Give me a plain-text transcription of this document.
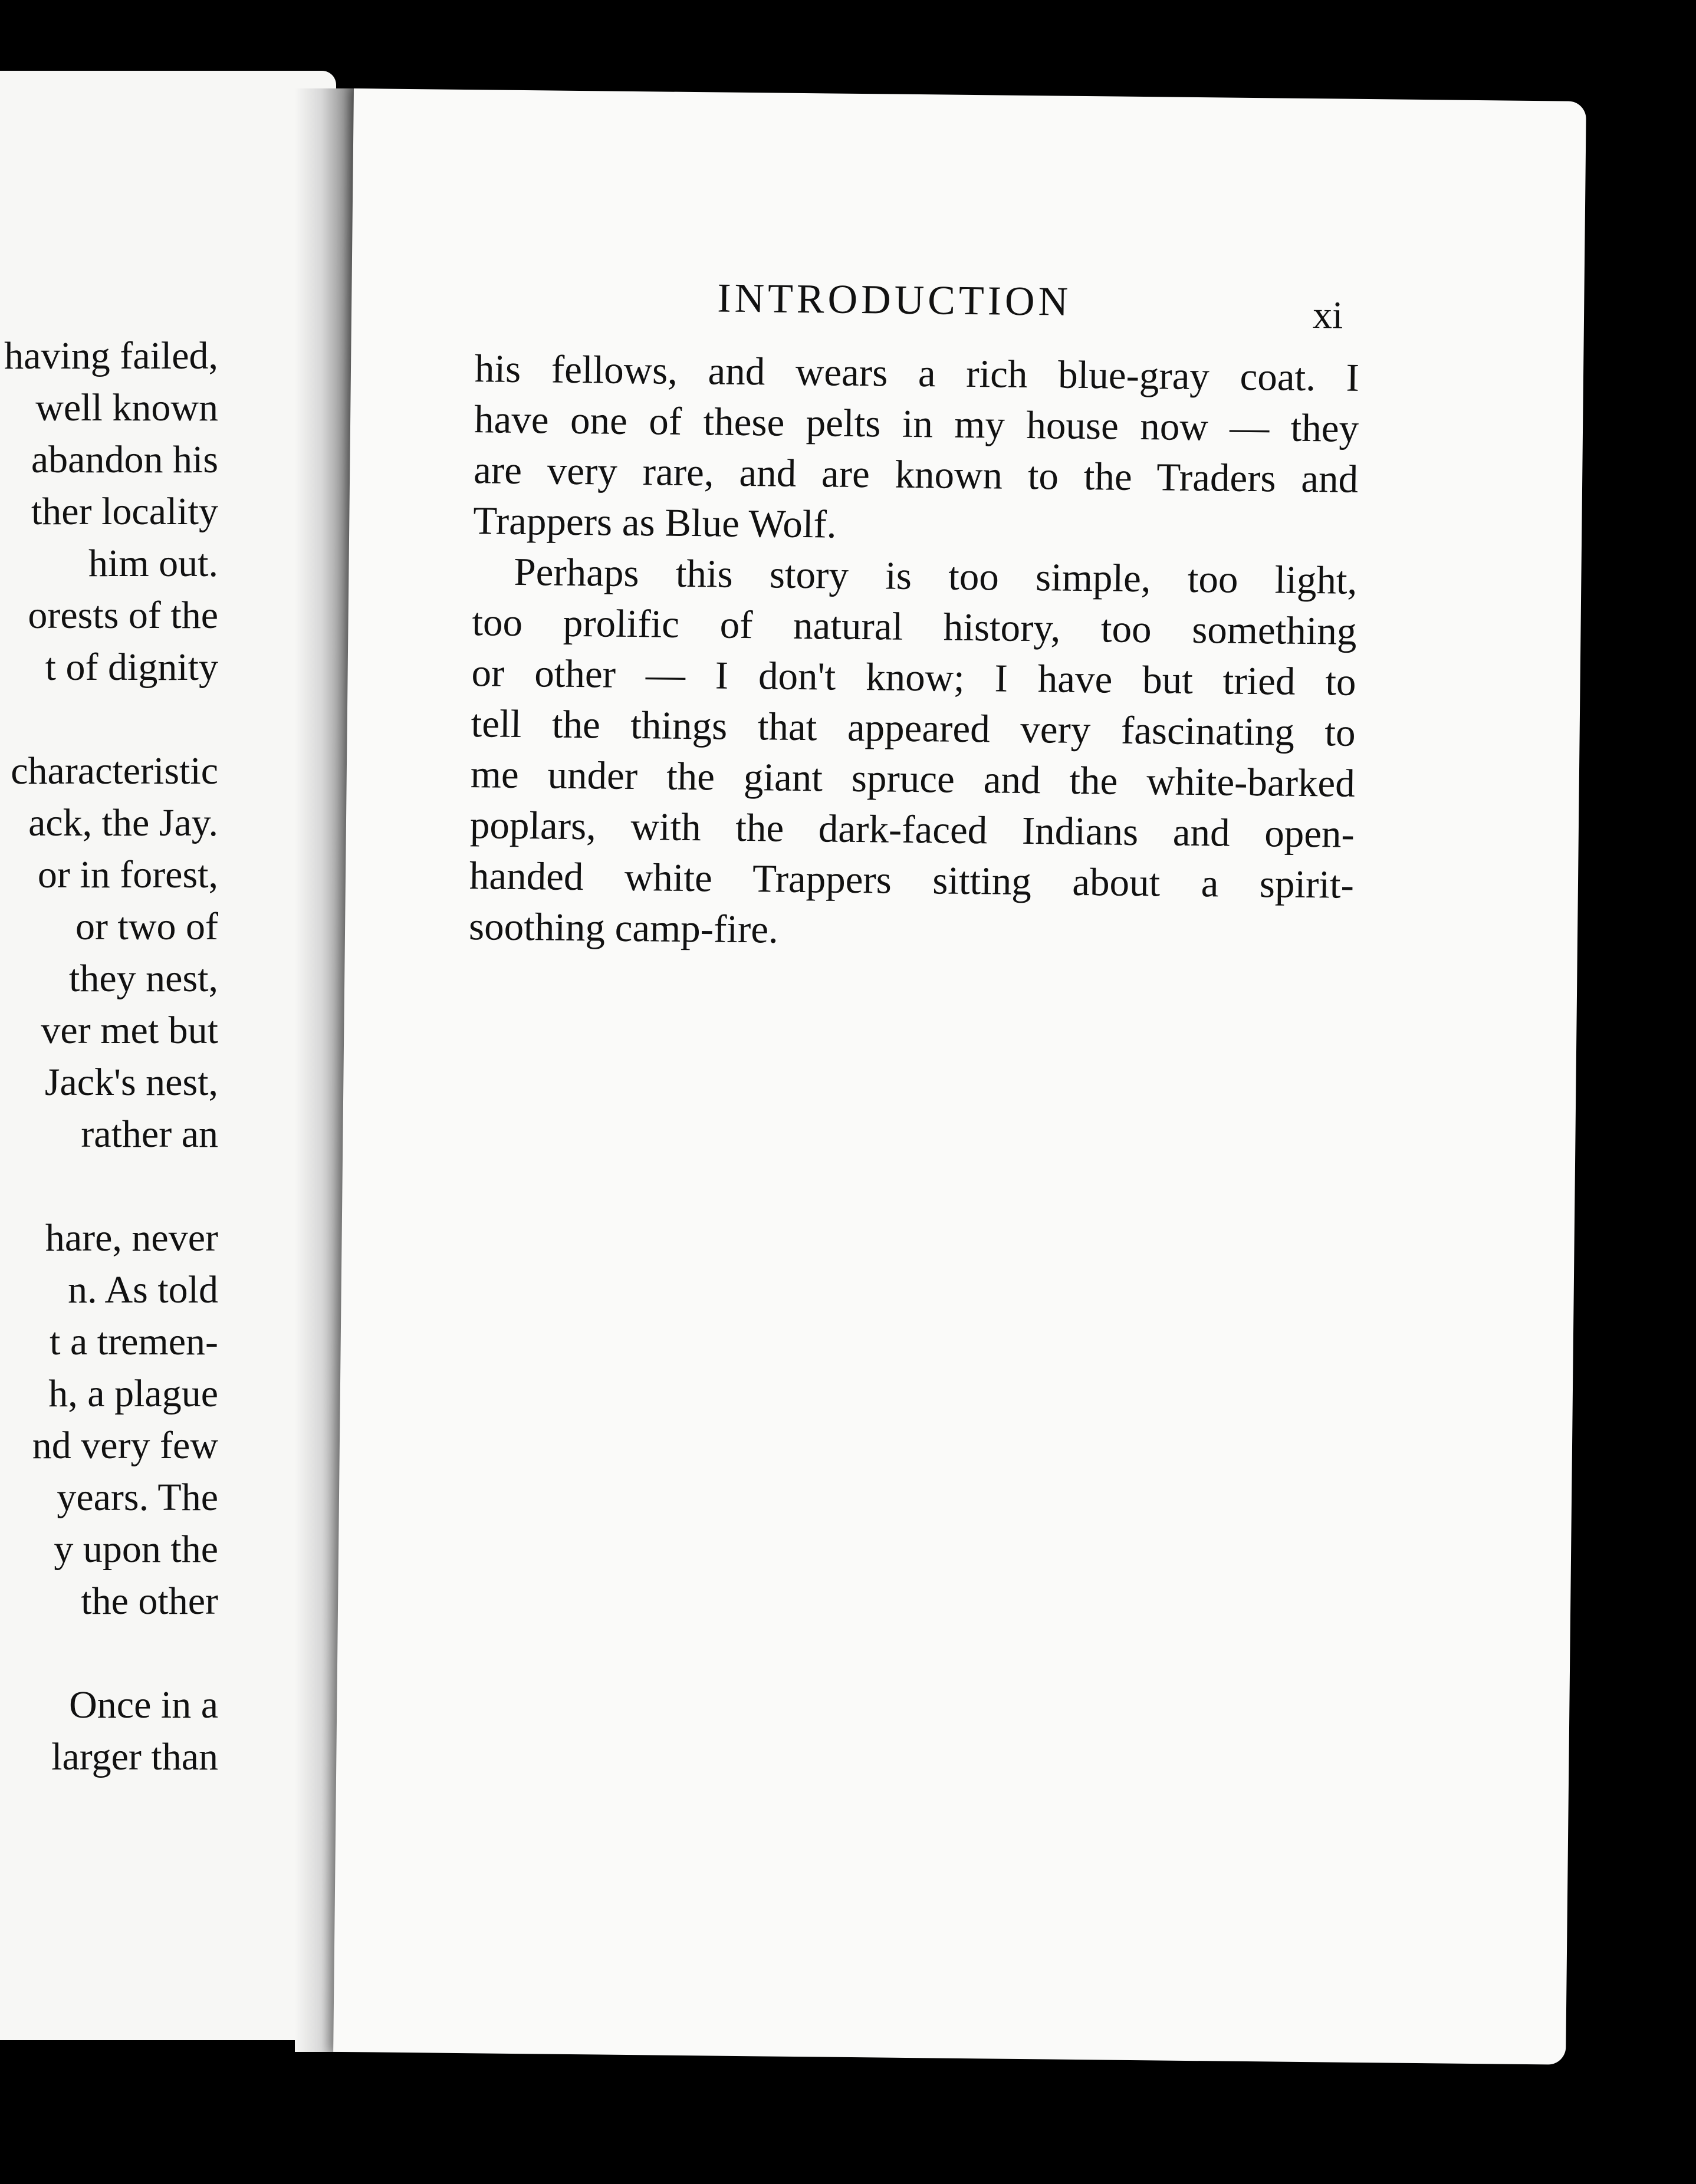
having failed,
well known
abandon his
ther locality
him out.
orests of the
t of dignity
characteristic
ack, the Jay.
or in forest,
or two of
they nest,
ver met but
Jack's nest,
rather an
hare, never
n. As told
t a tremen-
h, a plague
nd very few
years. The
y upon the
the other
Once in a
larger than
INTRODUCTION	xi
his fellows, and wears a rich blue-gray coat. I
have one of these pelts in my house now — they
are very rare, and are known to the Traders and
Trappers as Blue Wolf.
Perhaps this story is too simple, too light,
too prolific of natural history, too something
or other — I don't know; I have but tried to
tell the things that appeared very fascinating to
me under the giant spruce and the white-barked
poplars, with the dark-faced Indians and open-
handed white Trappers sitting about a spirit-
soothing camp-fire.
